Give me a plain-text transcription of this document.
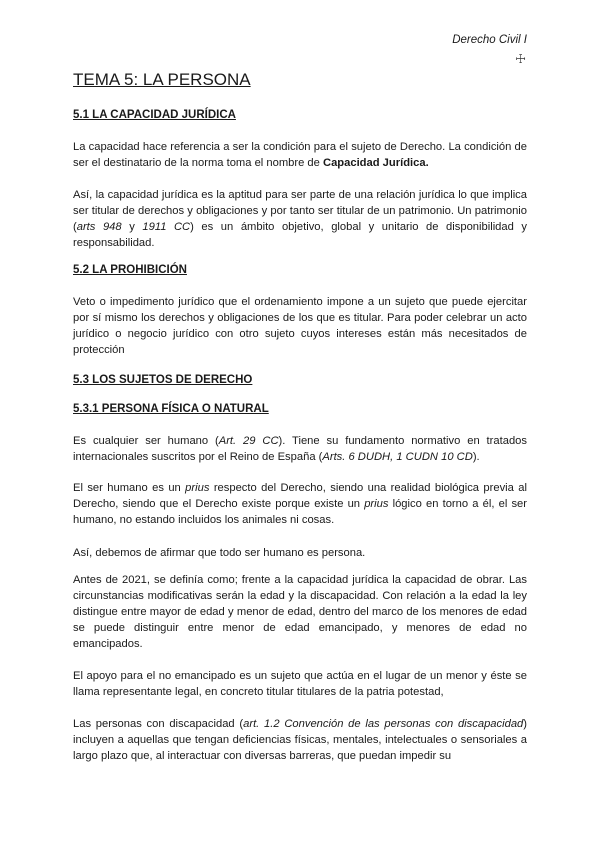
Derecho Civil I
☩
TEMA 5: LA PERSONA
5.1 LA CAPACIDAD JURÍDICA

La capacidad hace referencia a ser la condición para el sujeto de Derecho. La condición de ser el destinatario de la norma toma el nombre de Capacidad Jurídica.

Así, la capacidad jurídica es la aptitud para ser parte de una relación jurídica lo que implica ser titular de derechos y obligaciones y por tanto ser titular de un patrimonio. Un patrimonio (arts 948 y 1911 CC) es un ámbito objetivo, global y unitario de disponibilidad y responsabilidad.

5.2 LA PROHIBICIÓN

Veto o impedimento jurídico que el ordenamiento impone a un sujeto que puede ejercitar por sí mismo los derechos y obligaciones de los que es titular. Para poder celebrar un acto jurídico o negocio jurídico con otro sujeto cuyos intereses están más necesitados de protección

5.3 LOS SUJETOS DE DERECHO
5.3.1 PERSONA FÍSICA O NATURAL

Es cualquier ser humano (Art. 29 CC). Tiene su fundamento normativo en tratados internacionales suscritos por el Reino de España (Arts. 6 DUDH, 1 CUDN 10 CD).

El ser humano es un prius respecto del Derecho, siendo una realidad biológica previa al Derecho, siendo que el Derecho existe porque existe un prius lógico en torno a él, el ser humano, no estando incluidos los animales ni cosas.

Así, debemos de afirmar que todo ser humano es persona.

Antes de 2021, se definía como; frente a la capacidad jurídica la capacidad de obrar. Las circunstancias modificativas serán la edad y la discapacidad. Con relación a la edad la ley distingue entre mayor de edad y menor de edad, dentro del marco de los menores de edad se puede distinguir entre menor de edad emancipado, y menores de edad no emancipados.

El apoyo para el no emancipado es un sujeto que actúa en el lugar de un menor y éste se llama representante legal, en concreto titular titulares de la patria potestad,

Las personas con discapacidad (art. 1.2 Convención de las personas con discapacidad) incluyen a aquellas que tengan deficiencias físicas, mentales, intelectuales o sensoriales a largo plazo que, al interactuar con diversas barreras, que puedan impedir su
